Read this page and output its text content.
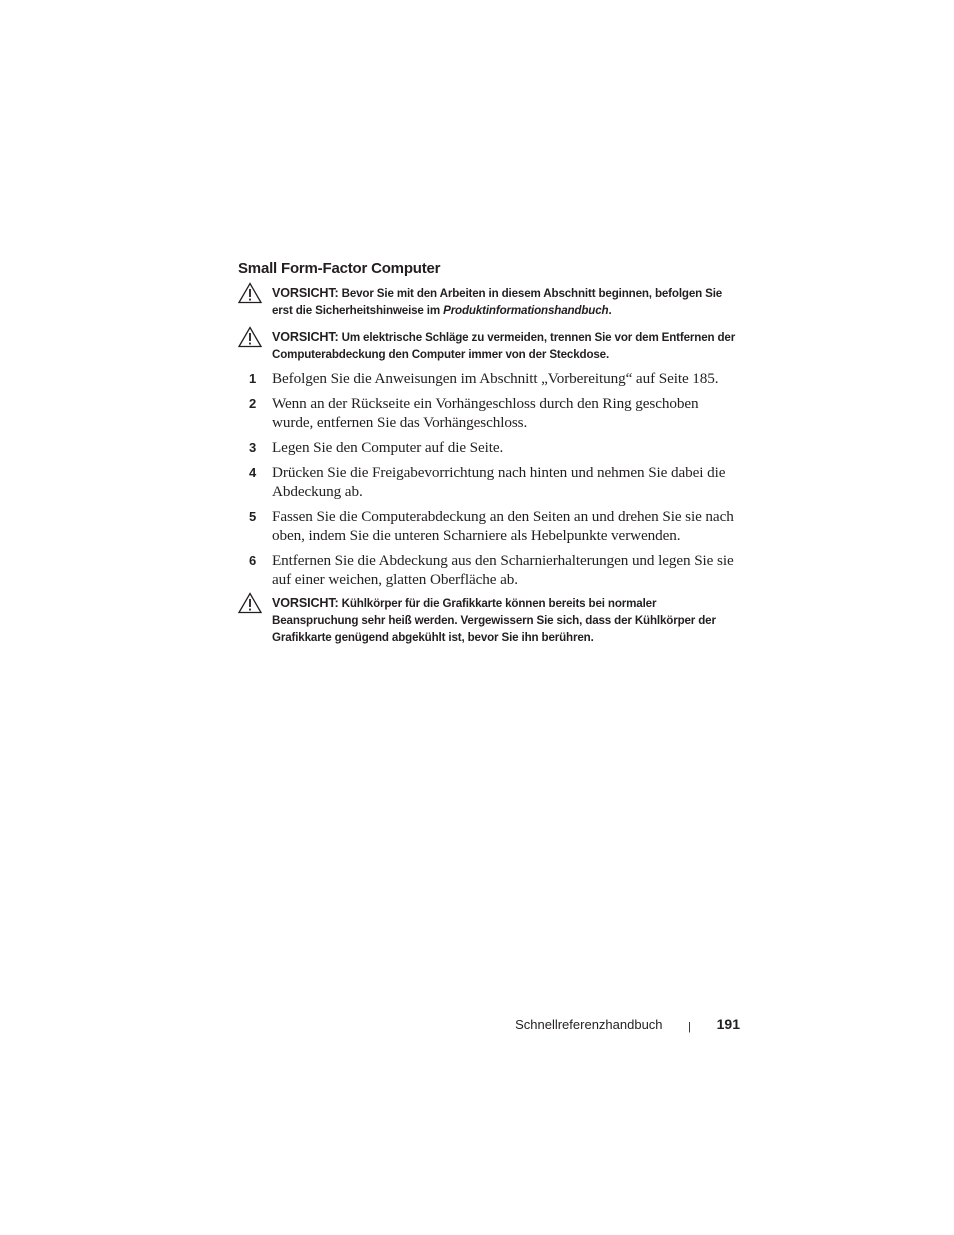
Small Form-Factor Computer
VORSICHT: Bevor Sie mit den Arbeiten in diesem Abschnitt beginnen, befolgen Sie erst die Sicherheitshinweise im Produktinformationshandbuch.
VORSICHT: Um elektrische Schläge zu vermeiden, trennen Sie vor dem Entfernen der Computerabdeckung den Computer immer von der Steckdose.
1 Befolgen Sie die Anweisungen im Abschnitt „Vorbereitung“ auf Seite 185.
2 Wenn an der Rückseite ein Vorhängeschloss durch den Ring geschoben wurde, entfernen Sie das Vorhängeschloss.
3 Legen Sie den Computer auf die Seite.
4 Drücken Sie die Freigabevorrichtung nach hinten und nehmen Sie dabei die Abdeckung ab.
5 Fassen Sie die Computerabdeckung an den Seiten an und drehen Sie sie nach oben, indem Sie die unteren Scharniere als Hebelpunkte verwenden.
6 Entfernen Sie die Abdeckung aus den Scharnierhalterungen und legen Sie sie auf einer weichen, glatten Oberfläche ab.
VORSICHT: Kühlkörper für die Grafikkarte können bereits bei normaler Beanspruchung sehr heiß werden. Vergewissern Sie sich, dass der Kühlkörper der Grafikkarte genügend abgekühlt ist, bevor Sie ihn berühren.
Schnellreferenzhandbuch | 191
